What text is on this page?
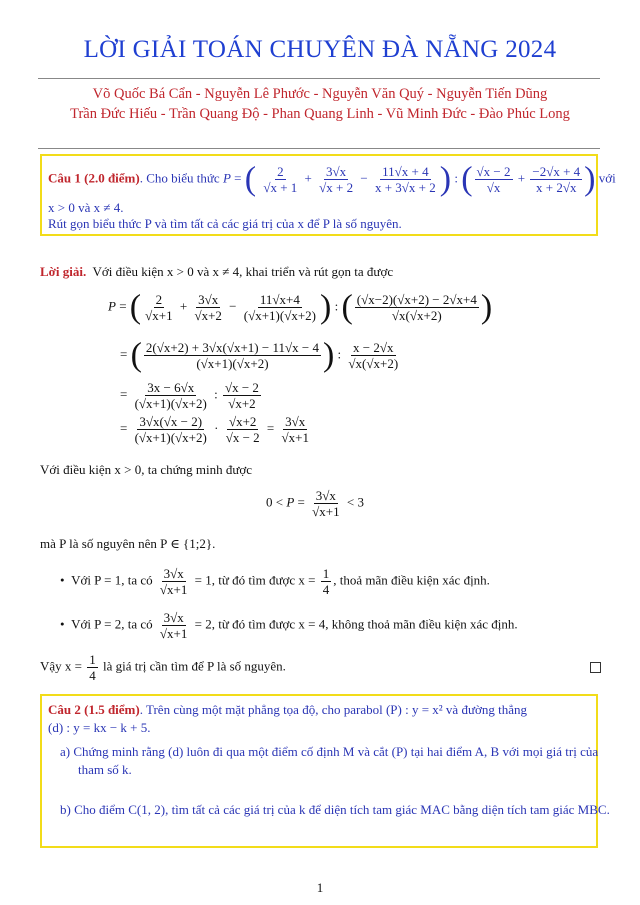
LỜI GIẢI TOÁN CHUYÊN ĐÀ NẴNG 2024
Võ Quốc Bá Cẩn - Nguyễn Lê Phước - Nguyễn Văn Quý - Nguyễn Tiến Dũng
Trần Đức Hiếu - Trần Quang Độ - Phan Quang Linh - Vũ Minh Đức - Đào Phúc Long
Câu 1 (2.0 điểm). Cho biểu thức P = ( $\frac{2}{√x + 1} + \frac{3√x}{√x + 2} - \frac{11√x + 4}{x + 3√x + 2}$ ) : ( $\frac{√x - 2}{√x} + \frac{-2√x + 4}{x + 2√x}$ ) với
x > 0 và x ≠ 4.
Rút gọn biểu thức P và tìm tất cả các giá trị của x để P là số nguyên.
Lời giải. Với điều kiện x > 0 và x ≠ 4, khai triển và rút gọn ta được
P = ( $\frac{2}{√x+1} + \frac{3√x}{√x+2} - \frac{11√x+4}{(√x+1)(√x+2)}$ ) : ( $\frac{(√x-2)(√x+2) - 2√x+4}{√x(√x+2)}$ )
= ( $\frac{2(√x+2) + 3√x(√x+1) - 11√x - 4}{(√x+1)(√x+2)}$ ) : $\frac{x - 2√x}{√x(√x+2)}$
= $\frac{3x - 6√x}{(√x+1)(√x+2)}$ : $\frac{√x - 2}{√x+2}$
= $\frac{3√x(√x - 2)}{(√x+1)(√x+2)} \cdot \frac{√x+2}{√x - 2} = \frac{3√x}{√x+1}$
Với điều kiện x > 0, ta chứng minh được
$0 < P = \frac{3√x}{√x+1} < 3$
mà P là số nguyên nên P ∈ {1;2}.
• Với P = 1, ta có $\frac{3√x}{√x+1} = 1$, từ đó tìm được $x = \frac{1}{4}$ , thoả mãn điều kiện xác định.
• Với P = 2, ta có $\frac{3√x}{√x+1} = 2$, từ đó tìm được x = 4, không thoả mãn điều kiện xác định.
Vậy $x = \frac{1}{4}$ là giá trị cần tìm để P là số nguyên.
Câu 2 (1.5 điểm). Trên cùng một mặt phẳng tọa độ, cho parabol (P) : y = x² và đường thẳng
(d) : y = kx − k + 5.
a) Chứng minh rằng (d) luôn đi qua một điểm cố định M và cắt (P) tại hai điểm A, B với mọi giá trị của
tham số k.
b) Cho điểm C(1, 2), tìm tất cả các giá trị của k để diện tích tam giác MAC bằng diện tích tam giác MBC.
1
